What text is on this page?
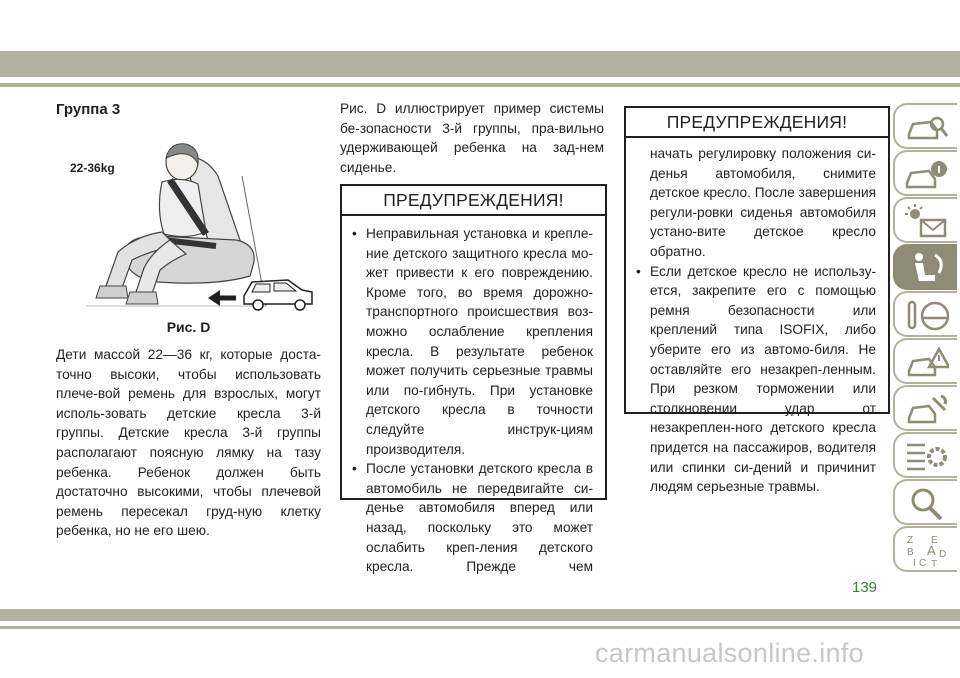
Группа 3
22-36kg
Рис. D

Дети массой 22—36 кг, которые доста-точно высоки, чтобы использовать плече-вой ремень для взрослых, могут исполь-зовать детские кресла 3-й группы. Детские кресла 3-й группы располагают поясную лямку на тазу ребенка. Ребенок должен быть достаточно высокими, чтобы плечевой ремень пересекал груд-ную клетку ребенка, но не его шею.

Рис. D иллюстрирует пример системы бе-зопасности 3-й группы, пра-вильно удерживающей ребенка на зад-нем сиденье.

ПРЕДУПРЕЖДЕНИЯ!
• Неправильная установка и крепле-ние детского защитного кресла мо-жет привести к его повреждению. Кроме того, во время дорожно-транспортного происшествия воз-можно ослабление крепления кресла. В результате ребенок может получить серьезные травмы или по-гибнуть. При установке детского кресла в точности следуйте инструк-циям производителя.
• После установки детского кресла в автомобиль не передвигайте си-денье автомобиля вперед или назад, поскольку это может ослабить креп-ления детского кресла. Прежде чем
ПРЕДУПРЕЖДЕНИЯ!
начать регулировку положения си-денья автомобиля, снимите детское кресло. После завершения регули-ровки сиденья автомобиля устано-вите детское кресло обратно.
• Если детское кресло не использу-ется, закрепите его с помощью ремня безопасности или креплений типа ISOFIX, либо уберите его из автомо-биля. Не оставляйте его незакреп-ленным. При резком торможении или столкновении удар от незакреплен-ного детского кресла придется на пассажиров, водителя или спинки си-дений и причинит людям серьезные травмы.
Z E
B A D
I C T
139
carmanualsonline.info
